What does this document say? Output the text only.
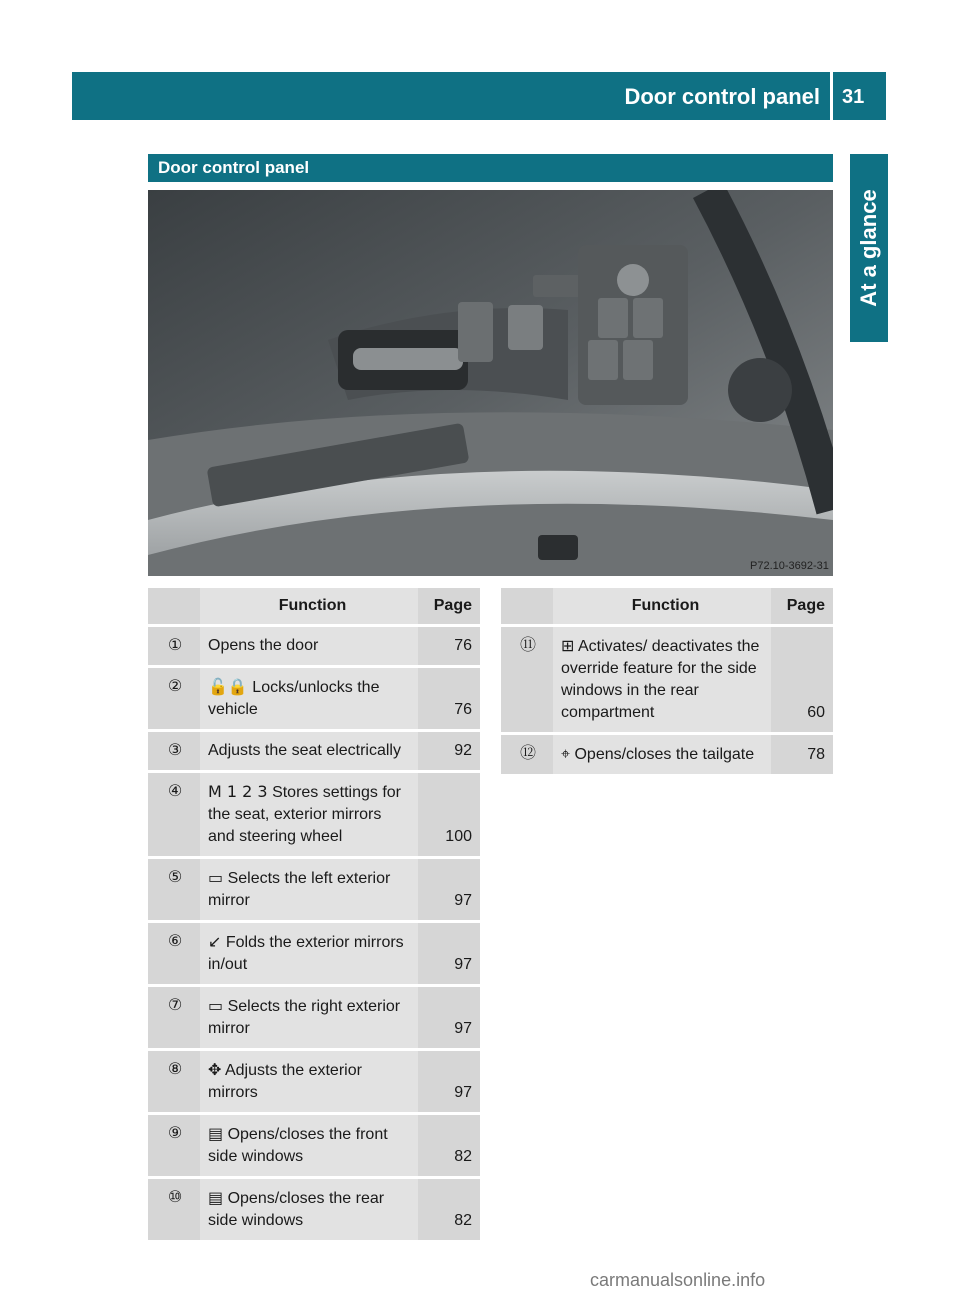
Door control panel 31
At a glance
Door control panel
P72.10-3692-31
	Function	Page
①	Opens the door	76
②	🔓🔒 Locks/unlocks the vehicle	76
③	Adjusts the seat electrically	92
④	M 1 2 3 Stores settings for the seat, exterior mirrors and steering wheel	100
⑤	▭ Selects the left exterior mirror	97
⑥	↙ Folds the exterior mirrors in/out	97
⑦	▭ Selects the right exterior mirror	97
⑧	✥ Adjusts the exterior mirrors	97
⑨	▤ Opens/closes the front side windows	82
⑩	▤ Opens/closes the rear side windows	82
	Function	Page
⑪	⊞ Activates/ deactivates the override feature for the side windows in the rear compartment	60
⑫	⌖ Opens/closes the tailgate	78
carmanualsonline.info
